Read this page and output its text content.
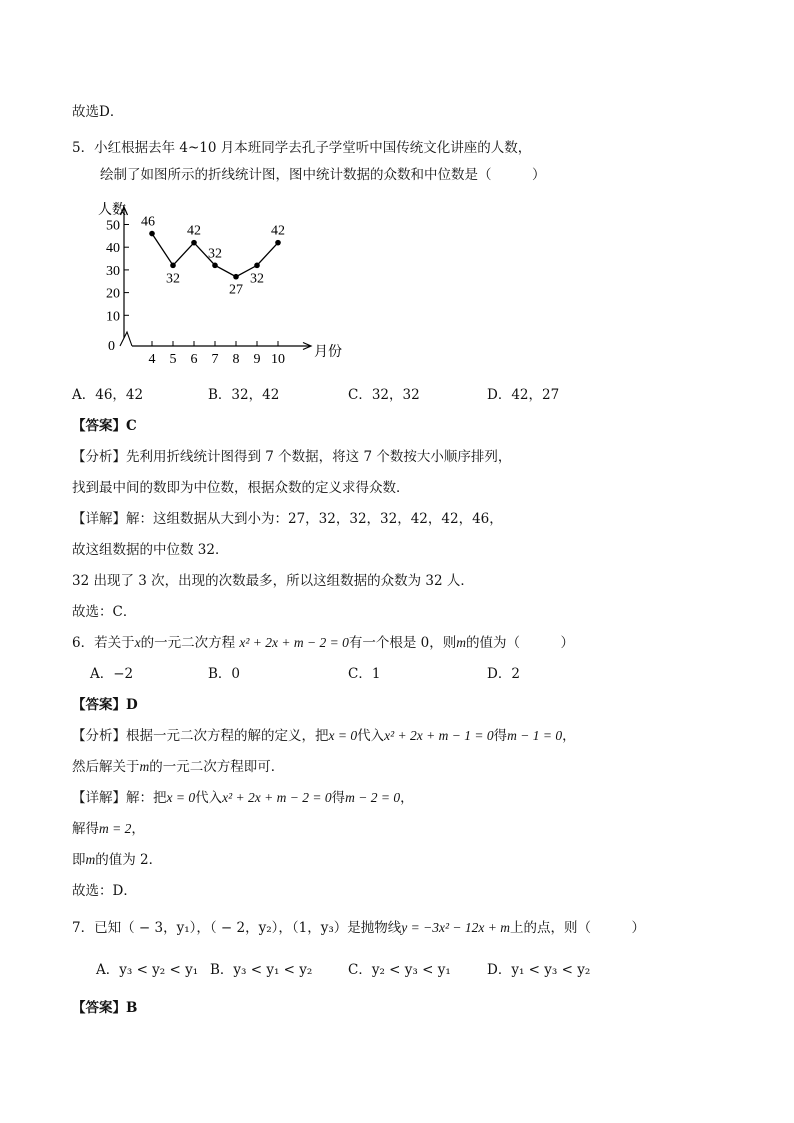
故选D．
5．小红根据去年 4~10 月本班同学去孔子学堂听中国传统文化讲座的人数，
绘制了如图所示的折线统计图，图中统计数据的众数和中位数是（　　　）
人数
月份
0
10
20
30
40
50
4 5 6 7 8 9 10
46
32
42
32
27
32
42
A．46，42	B．32，42	C．32，32	D．42，27
【答案】C
【分析】先利用折线统计图得到 7 个数据，将这 7 个数按大小顺序排列，
找到最中间的数即为中位数，根据众数的定义求得众数．
【详解】解：这组数据从大到小为：27，32，32，32，42，42，46，
故这组数据的中位数 32．
32 出现了 3 次，出现的次数最多，所以这组数据的众数为 32 人．
故选：C．
6．若关于x的一元二次方程 x² + 2x + m − 2 = 0有一个根是 0，则m的值为（　　　）
A．−2	B．0	C．1	D．2
【答案】D
【分析】根据一元二次方程的解的定义，把x = 0代入x² + 2x + m − 1 = 0得m − 1 = 0，
然后解关于m的一元二次方程即可．
【详解】解：把x = 0代入x² + 2x + m − 2 = 0得m − 2 = 0，
解得m = 2，
即m的值为 2．
故选：D．
7．已知（ − 3，y₁），（ − 2，y₂），（1，y₃）是抛物线y = −3x² − 12x + m上的点，则（　　　）
A．y₃ < y₂ < y₁ B．y₃ < y₁ < y₂	C．y₂ < y₃ < y₁	D．y₁ < y₃ < y₂
【答案】B
